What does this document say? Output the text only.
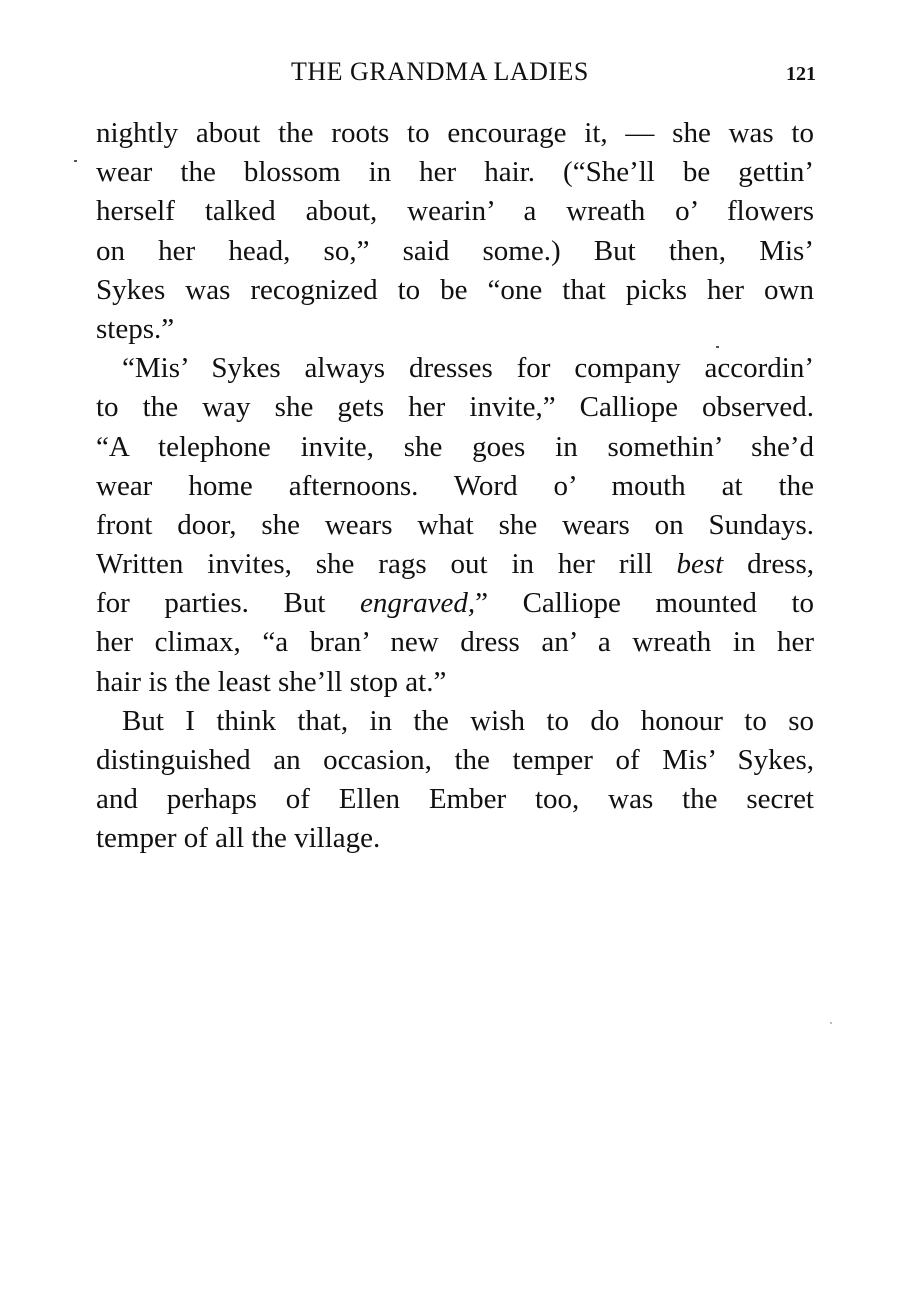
THE GRANDMA LADIES	121
nightly about the roots to encourage it, — she was to
wear the blossom in her hair. (“She’ll be gettin’
herself talked about, wearin’ a wreath o’ flowers
on her head, so,” said some.) But then, Mis’
Sykes was recognized to be “one that picks her own
steps.”
“Mis’ Sykes always dresses for company accordin’
to the way she gets her invite,” Calliope observed.
“A telephone invite, she goes in somethin’ she’d
wear home afternoons. Word o’ mouth at the
front door, she wears what she wears on Sundays.
Written invites, she rags out in her rill best dress,
for parties. But engraved,” Calliope mounted to
her climax, “a bran’ new dress an’ a wreath in her
hair is the least she’ll stop at.”
But I think that, in the wish to do honour to so
distinguished an occasion, the temper of Mis’ Sykes,
and perhaps of Ellen Ember too, was the secret
temper of all the village.
